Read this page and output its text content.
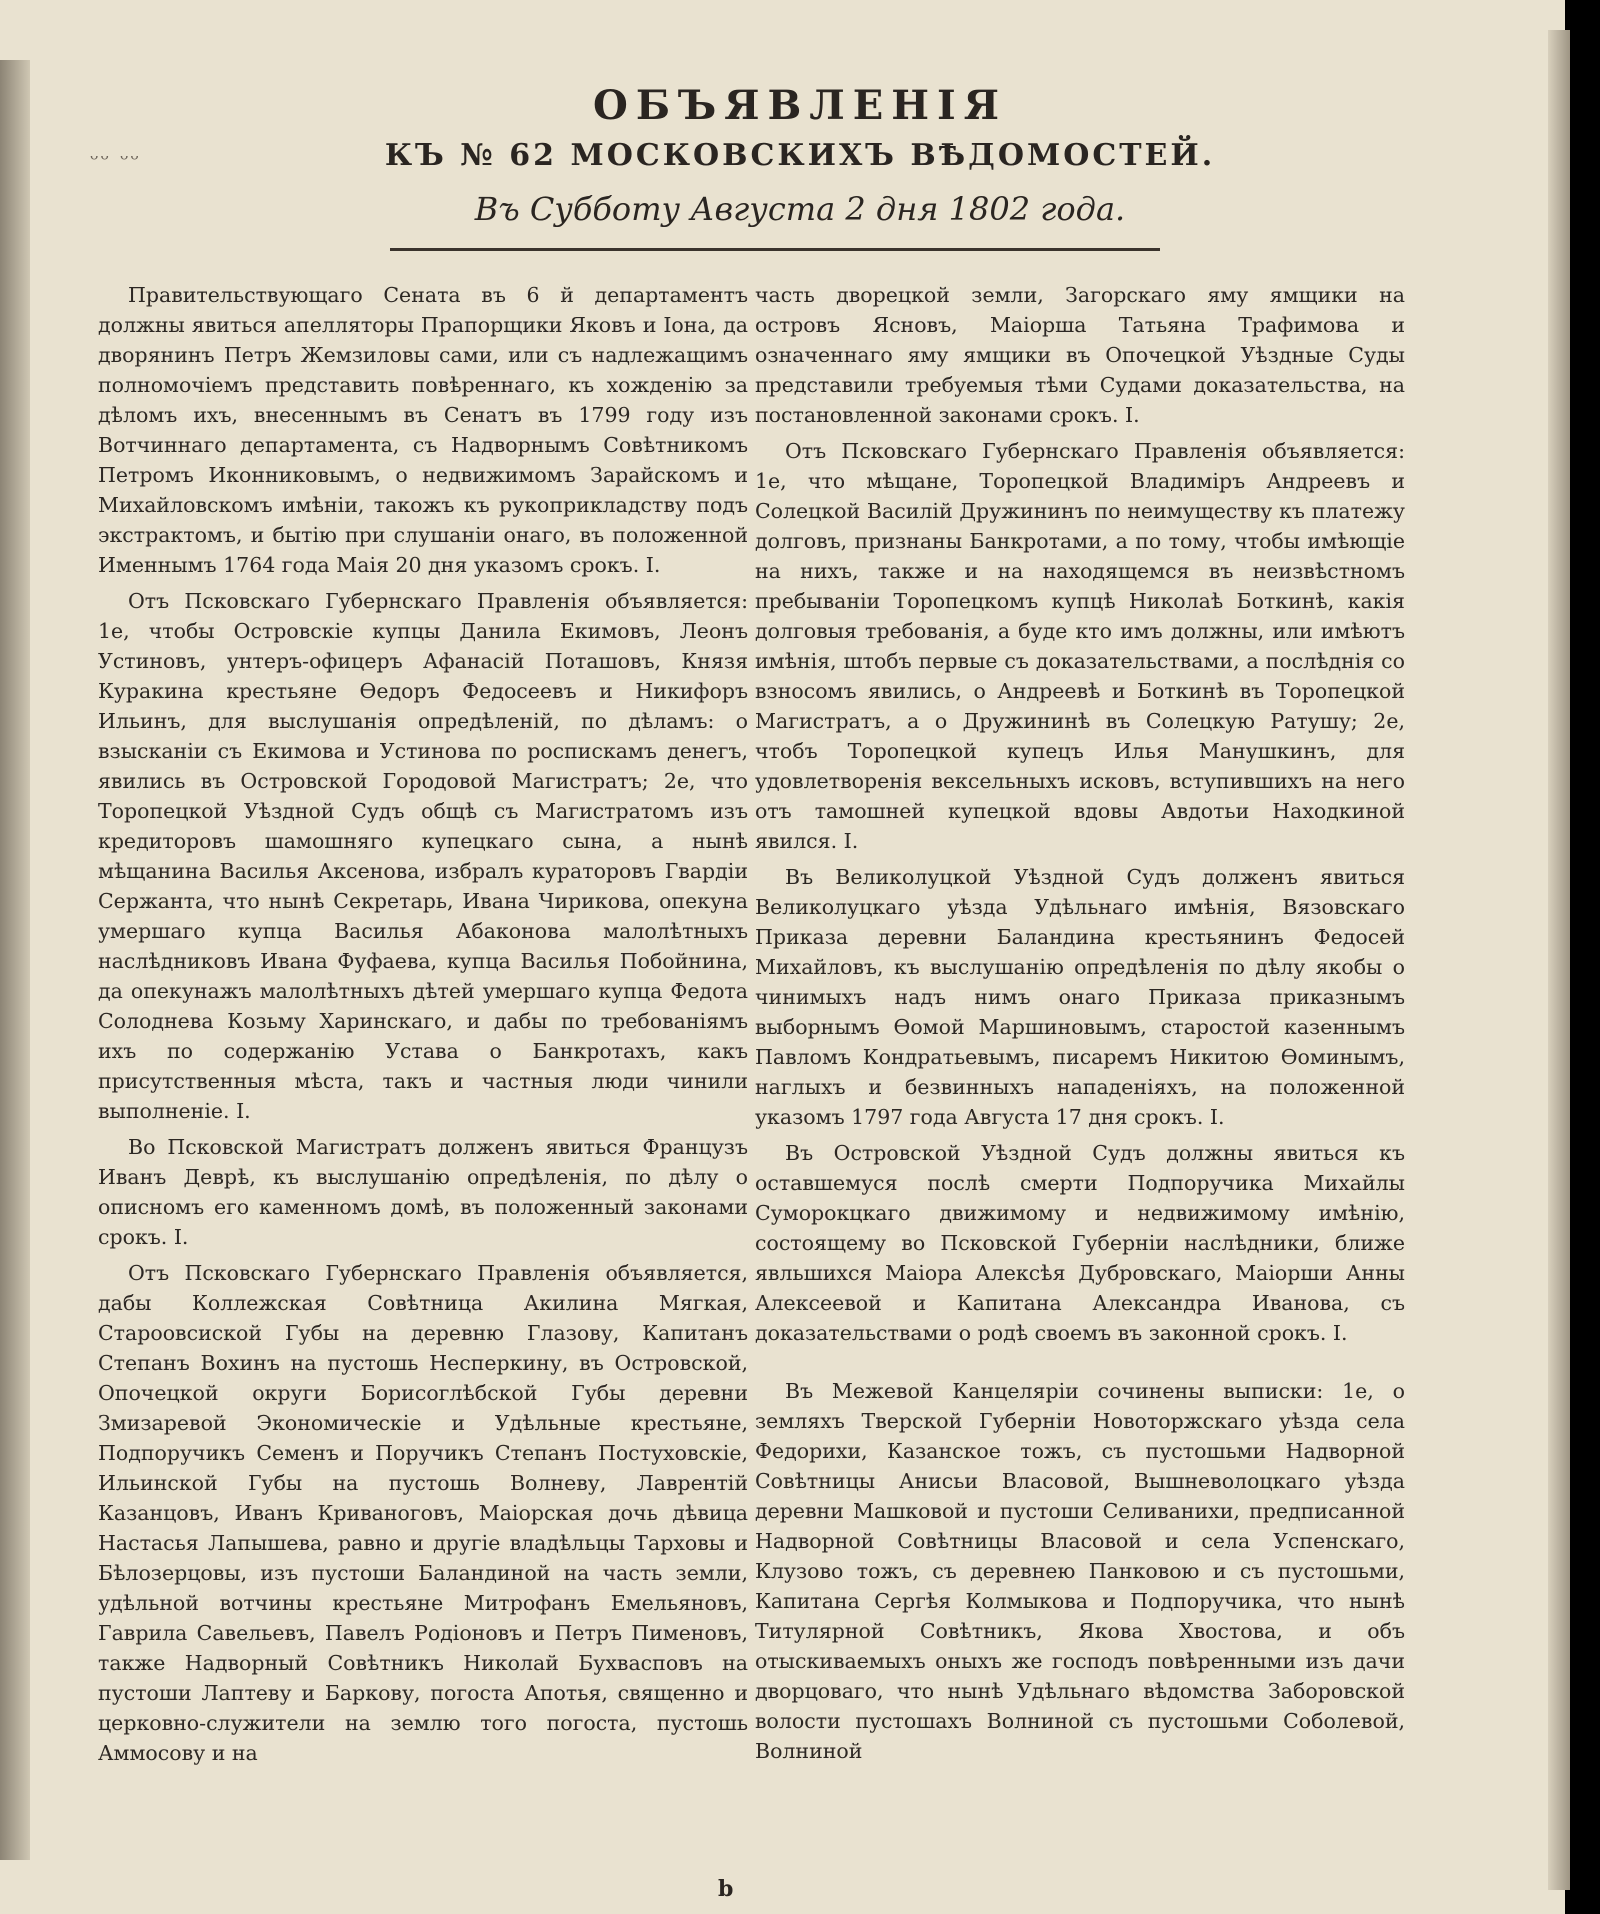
ОБЪЯВЛЕНIЯ
КЪ № 62 МОСКОВСКИХЪ ВѢДОМОСТЕЙ.
Въ Субботу Августа 2 дня 1802 года.
ᵕᵕ ᵕᵕ

Правительствующаго Сената въ 6 й департаментъ должны явиться апелляторы Прапорщики Яковъ и Iона, да дворянинъ Петръ Жемзиловы сами, или съ надлежащимъ полномочiемъ представить повѣреннаго, къ хожденiю за дѣломъ ихъ, внесеннымъ въ Сенатъ въ 1799 году изъ Вотчиннаго департамента, съ Надворнымъ Совѣтникомъ Петромъ Иконниковымъ, о недвижимомъ Зарайскомъ и Михайловскомъ имѣнiи, такожъ къ рукоприкладству подъ экстрактомъ, и бытiю при слушанiи онаго, въ положенной Именнымъ 1764 года Маiя 20 дня указомъ срокъ. I.

Отъ Псковскаго Губернскаго Правленiя объявляется: 1е, чтобы Островскiе купцы Данила Екимовъ, Леонъ Устиновъ, унтеръ-офицеръ Афанасiй Поташовъ, Князя Куракина крестьяне Ѳедоръ Федосеевъ и Никифоръ Ильинъ, для выслушанiя опредѣленiй, по дѣламъ: о взысканiи съ Екимова и Устинова по роспискамъ денегъ, явились въ Островской Городовой Магистратъ; 2е, что Торопецкой Уѣздной Судъ общѣ съ Магистратомъ изъ кредиторовъ шамошняго купецкаго сына, а нынѣ мѣщанина Василья Аксенова, избралъ кураторовъ Гвардiи Сержанта, что нынѣ Секретарь, Ивана Чирикова, опекуна умершаго купца Василья Абаконова малолѣтныхъ наслѣдниковъ Ивана Фуфаева, купца Василья Побойнина, да опекунажъ малолѣтныхъ дѣтей умершаго купца Федота Солоднева Козьму Харинскаго, и дабы по требованiямъ ихъ по содержанiю Устава о Банкротахъ, какъ присутственныя мѣста, такъ и частныя люди чинили выполненiе. I.

Во Псковской Магистратъ долженъ явиться Французъ Иванъ Деврѣ, къ выслушанiю опредѣленiя, по дѣлу о описномъ его каменномъ домѣ, въ положенный законами срокъ. I.

Отъ Псковскаго Губернскаго Правленiя объявляется, дабы Коллежская Совѣтница Акилина Мягкая, Староовсиской Губы на деревню Глазову, Капитанъ Степанъ Вохинъ на пустошь Несперкину, въ Островской, Опочецкой округи Борисоглѣбской Губы деревни Змизаревой Экономическiе и Удѣльные крестьяне, Подпоручикъ Семенъ и Поручикъ Степанъ Постуховскiе, Ильинской Губы на пустошь Волневу, Лаврентiй Казанцовъ, Иванъ Криваноговъ, Маiорская дочь дѣвица Настасья Лапышева, равно и другiе владѣльцы Тарховы и Бѣлозерцовы, изъ пустоши Баландиной на часть земли, удѣльной вотчины крестьяне Митрофанъ Емельяновъ, Гаврила Савельевъ, Павелъ Родiоновъ и Петръ Пименовъ, также Надворный Совѣтникъ Николай Бухвасповъ на пустоши Лаптеву и Баркову, погоста Апотья, священно и церковно-служители на землю того погоста, пустошь Аммосову и на

часть дворецкой земли, Загорскаго яму ямщики на островъ Ясновъ, Маiорша Татьяна Трафимова и означеннаго яму ямщики въ Опочецкой Уѣздные Суды представили требуемыя тѣми Судами доказательства, на постановленной законами срокъ. I.

Отъ Псковскаго Губернскаго Правленiя объявляется: 1е, что мѣщане, Торопецкой Владимiръ Андреевъ и Солецкой Василiй Дружининъ по неимуществу къ платежу долговъ, признаны Банкротами, а по тому, чтобы имѣющiе на нихъ, также и на находящемся въ неизвѣстномъ пребыванiи Торопецкомъ купцѣ Николаѣ Боткинѣ, какiя долговыя требованiя, а буде кто имъ должны, или имѣютъ имѣнiя, штобъ первые съ доказательствами, а послѣднiя со взносомъ явились, о Андреевѣ и Боткинѣ въ Торопецкой Магистратъ, а о Дружининѣ въ Солецкую Ратушу; 2е, чтобъ Торопецкой купецъ Илья Манушкинъ, для удовлетворенiя вексельныхъ исковъ, вступившихъ на него отъ тамошней купецкой вдовы Авдотьи Находкиной явился. I.

Въ Великолуцкой Уѣздной Судъ долженъ явиться Великолуцкаго уѣзда Удѣльнаго имѣнiя, Вязовскаго Приказа деревни Баландина крестьянинъ Федосей Михайловъ, къ выслушанiю опредѣленiя по дѣлу якобы о чинимыхъ надъ нимъ онаго Приказа приказнымъ выборнымъ Ѳомой Маршиновымъ, старостой казеннымъ Павломъ Кондратьевымъ, писаремъ Никитою Ѳоминымъ, наглыхъ и безвинныхъ нападенiяхъ, на положенной указомъ 1797 года Августа 17 дня срокъ. I.

Въ Островской Уѣздной Судъ должны явиться къ оставшемуся послѣ смерти Подпоручика Михайлы Суморокцкаго движимому и недвижимому имѣнiю, состоящему во Псковской Губернiи наслѣдники, ближе явльшихся Маiора Алексѣя Дубровскаго, Маiорши Анны Алексеевой и Капитана Александра Иванова, съ доказательствами о родѣ своемъ въ законной срокъ. I.

Въ Межевой Канцелярiи сочинены выписки: 1е, о земляхъ Тверской Губернiи Новоторжскаго уѣзда села Федорихи, Казанское тожъ, съ пустошьми Надворной Совѣтницы Анисьи Власовой, Вышневолоцкаго уѣзда деревни Машковой и пустоши Селиванихи, предписанной Надворной Совѣтницы Власовой и села Успенскаго, Клузово тожъ, съ деревнею Панковою и съ пустошьми, Капитана Сергѣя Колмыкова и Подпоручика, что нынѣ Титулярной Совѣтникъ, Якова Хвостова, и объ отыскиваемыхъ оныхъ же господъ повѣренными изъ дачи дворцоваго, что нынѣ Удѣльнаго вѣдомства Заборовской волости пустошахъ Волниной съ пустошьми Соболевой, Волниной

b
